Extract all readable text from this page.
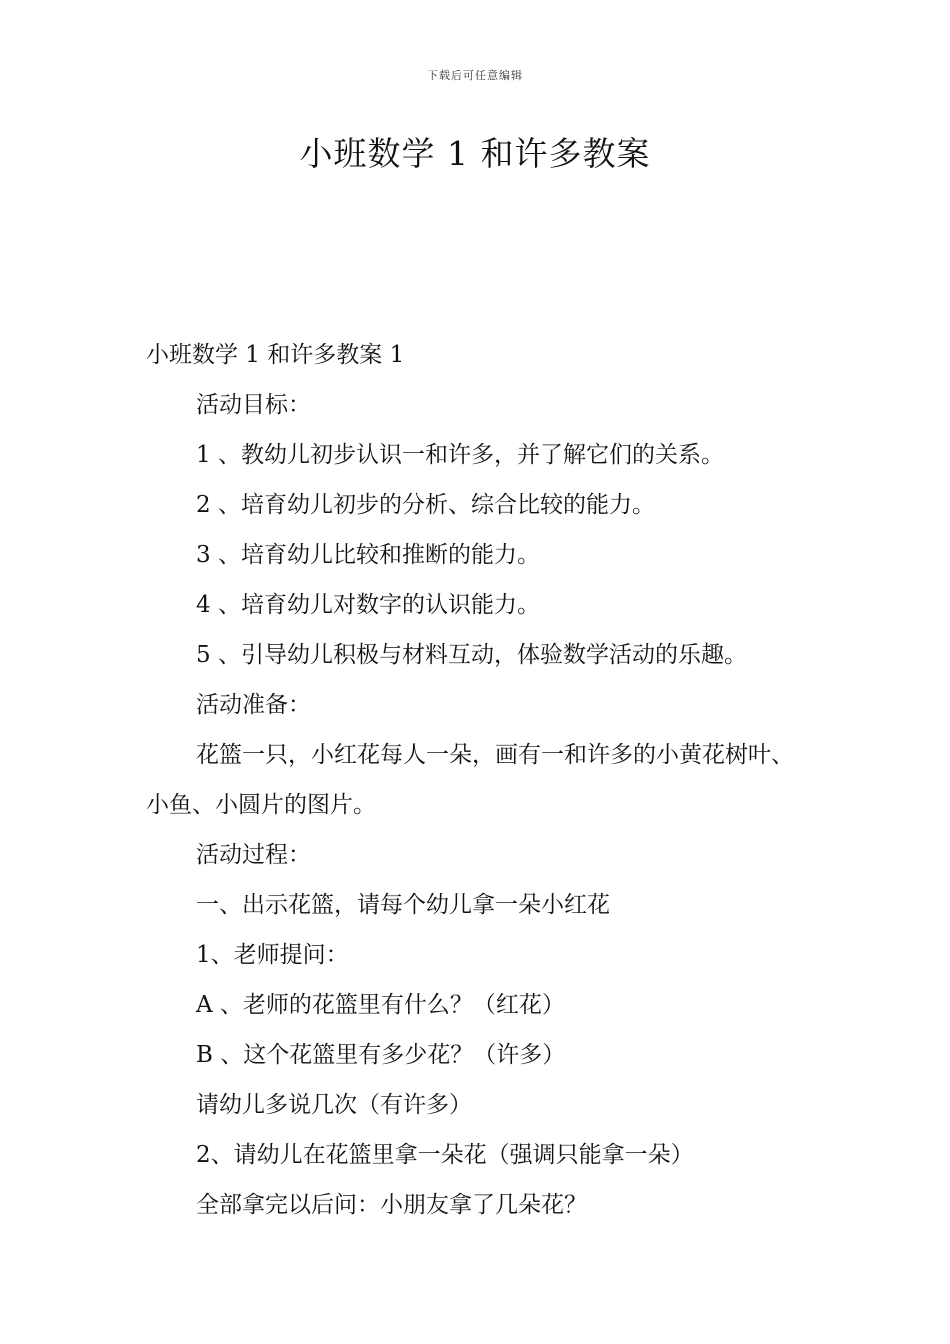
下载后可任意编辑
小班数学 1 和许多教案
小班数学 1 和许多教案 1
活动目标：
1 、教幼儿初步认识一和许多，并了解它们的关系。
2 、培育幼儿初步的分析、综合比较的能力。
3 、培育幼儿比较和推断的能力。
4 、培育幼儿对数字的认识能力。
5 、引导幼儿积极与材料互动，体验数学活动的乐趣。
活动准备：
花篮一只，小红花每人一朵，画有一和许多的小黄花树叶、小鱼、小圆片的图片。
活动过程：
一、出示花篮，请每个幼儿拿一朵小红花
1、老师提问：
A 、老师的花篮里有什么？（红花）
B 、这个花篮里有多少花？（许多）
请幼儿多说几次（有许多）
2、请幼儿在花篮里拿一朵花（强调只能拿一朵）
全部拿完以后问：小朋友拿了几朵花？
